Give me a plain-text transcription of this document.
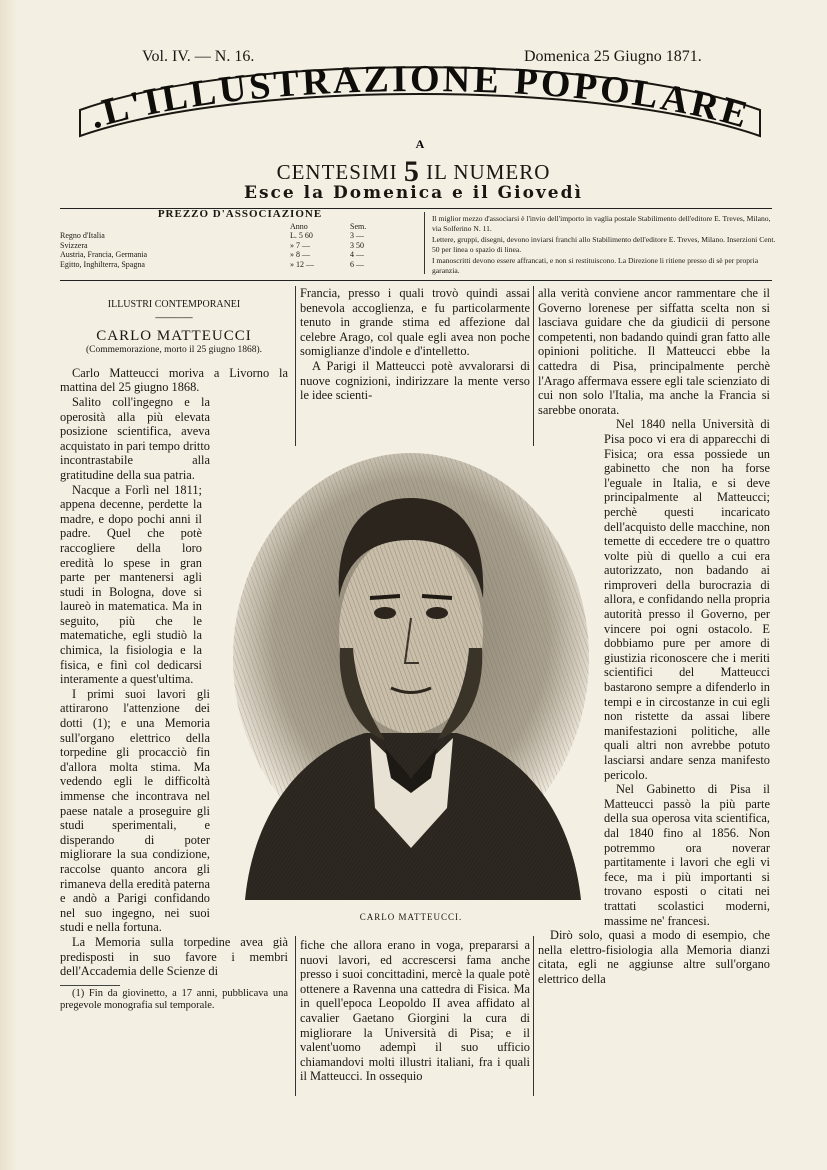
Vol. IV. — N. 16.	Domenica 25 Giugno 1871.
.L'ILLUSTRAZIONE POPOLARE
A
CENTESIMI 5 IL NUMERO
Esce la Domenica e il Giovedì
PREZZO D'ASSOCIAZIONE
Anno	Sem.
Regno d'Italia	L. 5 60	3 —
Svizzera	» 7 —	3 50
Austria, Francia, Germania	» 8 —	4 —
Egitto, Inghilterra, Spagna	» 12 —	6 —

Il miglior mezzo d'associarsi è l'invio dell'importo in vaglia postale Stabilimento dell'editore E. Treves, Milano, via Solferino N. 11.

Lettere, gruppi, disegni, devono inviarsi franchi allo Stabilimento dell'editore E. Treves, Milano. Inserzioni Cent. 50 per linea o spazio di linea.

I manoscritti devono essere affrancati, e non si restituiscono. La Direzione li ritiene presso di sè per propria garanzia.

ILLUSTRI CONTEMPORANEI

———

CARLO MATTEUCCI

(Commemorazione, morto il 25 giugno 1868).

Carlo Matteucci moriva a Livorno la mattina del 25 giugno 1868.

Salito coll'ingegno e la operosità alla più elevata posizione scientifica, aveva acquistato in pari tempo dritto incontrastabile alla gratitudine della sua patria.

Nacque a Forlì nel 1811; appena decenne, perdette la madre, e dopo pochi anni il padre. Quel che potè raccogliere della loro eredità lo spese in gran parte per mantenersi agli studi in Bologna, dove si laureò in matematica. Ma in seguito, più che le matematiche, egli studiò la chimica, la fisiologia e la fisica, e finì col dedicarsi interamente a quest'ultima.

I primi suoi lavori gli attirarono l'attenzione dei dotti (1); e una Memoria sull'organo elettrico della torpedine gli procacciò fin d'allora molta stima. Ma vedendo egli le difficoltà immense che incontrava nel paese natale a proseguire gli studi sperimentali, e disperando di poter migliorare la sua condizione, raccolse quanto ancora gli rimaneva della eredità paterna e andò a Parigi confidando nel suo ingegno, nei suoi studi e nella fortuna.

La Memoria sulla torpedine avea già predisposti in suo favore i membri dell'Accademia delle Scienze di

(1) Fin da giovinetto, a 17 anni, pubblicava una pregevole monografia sul temporale.

Francia, presso i quali trovò quindi assai benevola accoglienza, e fu particolarmente tenuto in grande stima ed affezione dal celebre Arago, col quale egli avea non poche somiglianze d'indole e d'intelletto.

A Parigi il Matteucci potè avvalorarsi di nuove cognizioni, indirizzare la mente verso le idee scienti-

CARLO MATTEUCCI.

fiche che allora erano in voga, prepararsi a nuovi lavori, ed accrescersi fama anche presso i suoi concittadini, mercè la quale potè ottenere a Ravenna una cattedra di Fisica. Ma in quell'epoca Leopoldo II avea affidato al cavalier Gaetano Giorgini la cura di migliorare la Università di Pisa; e il valent'uomo adempì il suo ufficio chiamandovi molti illustri italiani, fra i quali il Matteucci. In ossequio

alla verità conviene ancor rammentare che il Governo lorenese per siffatta scelta non si lasciava guidare che da giudicii di persone competenti, non badando quindi gran fatto alle opinioni politiche. Il Matteucci ebbe la cattedra di Pisa, principalmente perchè l'Arago affermava essere egli tale scienziato di cui non solo l'Italia, ma anche la Francia si sarebbe onorata.

Nel 1840 nella Università di Pisa poco vi era di apparecchi di Fisica; ora essa possiede un gabinetto che non ha forse l'eguale in Italia, e si deve principalmente al Matteucci; perchè questi incaricato dell'acquisto delle macchine, non temette di eccedere tre o quattro volte più di quello a cui era autorizzato, non badando ai rimproveri della burocrazia di allora, e confidando nella propria autorità presso il Governo, per vincere poi ogni ostacolo. E dobbiamo pure per amore di giustizia riconoscere che i meriti scientifici del Matteucci bastarono sempre a difenderlo in tempi e in circostanze in cui egli non ristette da assai libere manifestazioni politiche, alle quali altri non avrebbe potuto lasciarsi andare senza manifesto pericolo.

Nel Gabinetto di Pisa il Matteucci passò la più parte della sua operosa vita scientifica, dal 1840 fino al 1856. Non potremmo ora noverar partitamente i lavori che egli vi fece, ma i più importanti si trovano esposti o citati nei trattati scolastici moderni, massime ne' francesi.

Dirò solo, quasi a modo di esempio, che nella elettro-fisiologia alla Memoria dianzi citata, egli ne aggiunse altre sull'organo elettrico della
